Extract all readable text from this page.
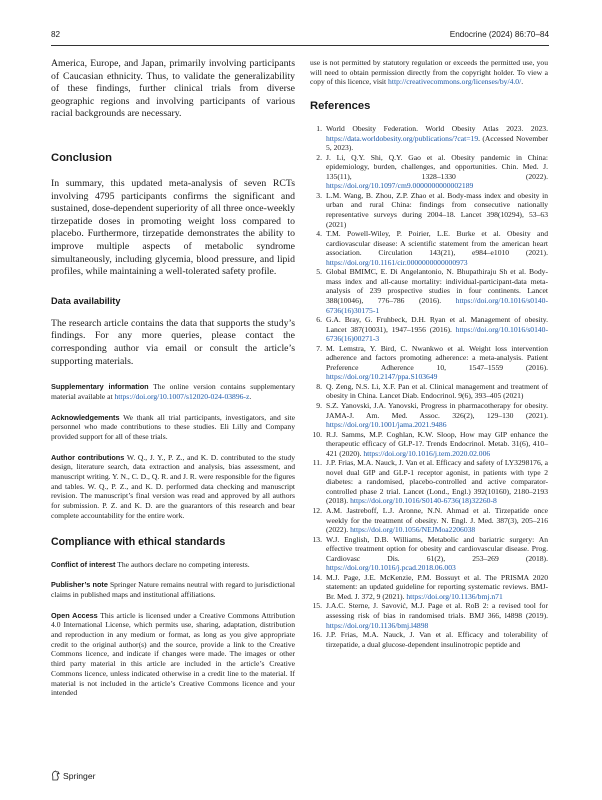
82	Endocrine (2024) 86:70–84

America, Europe, and Japan, primarily involving participants of Caucasian ethnicity. Thus, to validate the generalizability of these findings, further clinical trials from diverse geographic regions and involving participants of various racial backgrounds are necessary.

Conclusion

In summary, this updated meta-analysis of seven RCTs involving 4795 participants confirms the significant and sustained, dose-dependent superiority of all three once-weekly tirzepatide doses in promoting weight loss compared to placebo. Furthermore, tirzepatide demonstrates the ability to improve multiple aspects of metabolic syndrome simultaneously, including glycemia, blood pressure, and lipid profiles, while maintaining a well-tolerated safety profile.

Data availability

The research article contains the data that supports the study’s findings. For any more queries, please contact the corresponding author via email or consult the article’s supporting materials.

Supplementary information The online version contains supplementary material available at https://doi.org/10.1007/s12020-024-03896-z.

Acknowledgements We thank all trial participants, investigators, and site personnel who made contributions to these studies. Eli Lilly and Company provided support for all of these trials.

Author contributions W. Q., J. Y., P. Z., and K. D. contributed to the study design, literature search, data extraction and analysis, bias assessment, and manuscript writing. Y. N., C. D., Q. R. and J. R. were responsible for the figures and tables. W. Q., P. Z., and K. D. performed data checking and manuscript revision. The manuscript’s final version was read and approved by all authors for submission. P. Z. and K. D. are the guarantors of this research and bear complete accountability for the entire work.

Compliance with ethical standards

Conflict of interest The authors declare no competing interests.

Publisher’s note Springer Nature remains neutral with regard to jurisdictional claims in published maps and institutional affiliations.

Open Access This article is licensed under a Creative Commons Attribution 4.0 International License, which permits use, sharing, adaptation, distribution and reproduction in any medium or format, as long as you give appropriate credit to the original author(s) and the source, provide a link to the Creative Commons licence, and indicate if changes were made. The images or other third party material in this article are included in the article’s Creative Commons licence, unless indicated otherwise in a credit line to the material. If material is not included in the article’s Creative Commons licence and your intended

use is not permitted by statutory regulation or exceeds the permitted use, you will need to obtain permission directly from the copyright holder. To view a copy of this licence, visit http://creativecommons.org/licenses/by/4.0/.

References
1. World Obesity Federation. World Obesity Atlas 2023. 2023. https://data.worldobesity.org/publications/?cat=19. (Accessed November 5, 2023).
2. J. Li, Q.Y. Shi, Q.Y. Gao et al. Obesity pandemic in China: epidemiology, burden, challenges, and opportunities. Chin. Med. J. 135(11), 1328–1330 (2022). https://doi.org/10.1097/cm9.0000000000002189
3. L.M. Wang, B. Zhou, Z.P. Zhao et al. Body-mass index and obesity in urban and rural China: findings from consecutive nationally representative surveys during 2004–18. Lancet 398(10294), 53–63 (2021)
4. T.M. Powell-Wiley, P. Poirier, L.E. Burke et al. Obesity and cardiovascular disease: A scientific statement from the american heart association. Circulation 143(21), e984–e1010 (2021). https://doi.org/10.1161/cir.0000000000000973
5. Global BMIMC, E. Di Angelantonio, N. Bhupathiraju Sh et al. Body-mass index and all-cause mortality: individual-participant-data meta-analysis of 239 prospective studies in four continents. Lancet 388(10046), 776–786 (2016). https://doi.org/10.1016/s0140-6736(16)30175-1
6. G.A. Bray, G. Fruhbeck, D.H. Ryan et al. Management of obesity. Lancet 387(10031), 1947–1956 (2016). https://doi.org/10.1016/s0140-6736(16)00271-3
7. M. Lemstra, Y. Bird, C. Nwankwo et al. Weight loss intervention adherence and factors promoting adherence: a meta-analysis. Patient Preference Adherence 10, 1547–1559 (2016). https://doi.org/10.2147/ppa.S103649
8. Q. Zeng, N.S. Li, X.F. Pan et al. Clinical management and treatment of obesity in China. Lancet Diab. Endocrinol. 9(6), 393–405 (2021)
9. S.Z. Yanovski, J.A. Yanovski, Progress in pharmacotherapy for obesity. JAMA-J. Am. Med. Assoc. 326(2), 129–130 (2021). https://doi.org/10.1001/jama.2021.9486
10. R.J. Samms, M.P. Coghlan, K.W. Sloop, How may GIP enhance the therapeutic efficacy of GLP-1?. Trends Endocrinol. Metab. 31(6), 410–421 (2020). https://doi.org/10.1016/j.tem.2020.02.006
11. J.P. Frias, M.A. Nauck, J. Van et al. Efficacy and safety of LY3298176, a novel dual GIP and GLP-1 receptor agonist, in patients with type 2 diabetes: a randomised, placebo-controlled and active comparator-controlled phase 2 trial. Lancet (Lond., Engl.) 392(10160), 2180–2193 (2018). https://doi.org/10.1016/S0140-6736(18)32260-8
12. A.M. Jastreboff, L.J. Aronne, N.N. Ahmad et al. Tirzepatide once weekly for the treatment of obesity. N. Engl. J. Med. 387(3), 205–216 (2022). https://doi.org/10.1056/NEJMoa2206038
13. W.J. English, D.B. Williams, Metabolic and bariatric surgery: An effective treatment option for obesity and cardiovascular disease. Prog. Cardiovasc Dis. 61(2), 253–269 (2018). https://doi.org/10.1016/j.pcad.2018.06.003
14. M.J. Page, J.E. McKenzie, P.M. Bossuyt et al. The PRISMA 2020 statement: an updated guideline for reporting systematic reviews. BMJ-Br. Med. J. 372, 9 (2021). https://doi.org/10.1136/bmj.n71
15. J.A.C. Sterne, J. Savović, M.J. Page et al. RoB 2: a revised tool for assessing risk of bias in randomised trials. BMJ 366, l4898 (2019). https://doi.org/10.1136/bmj.l4898
16. J.P. Frias, M.A. Nauck, J. Van et al. Efficacy and tolerability of tirzepatide, a dual glucose-dependent insulinotropic peptide and
Springer
